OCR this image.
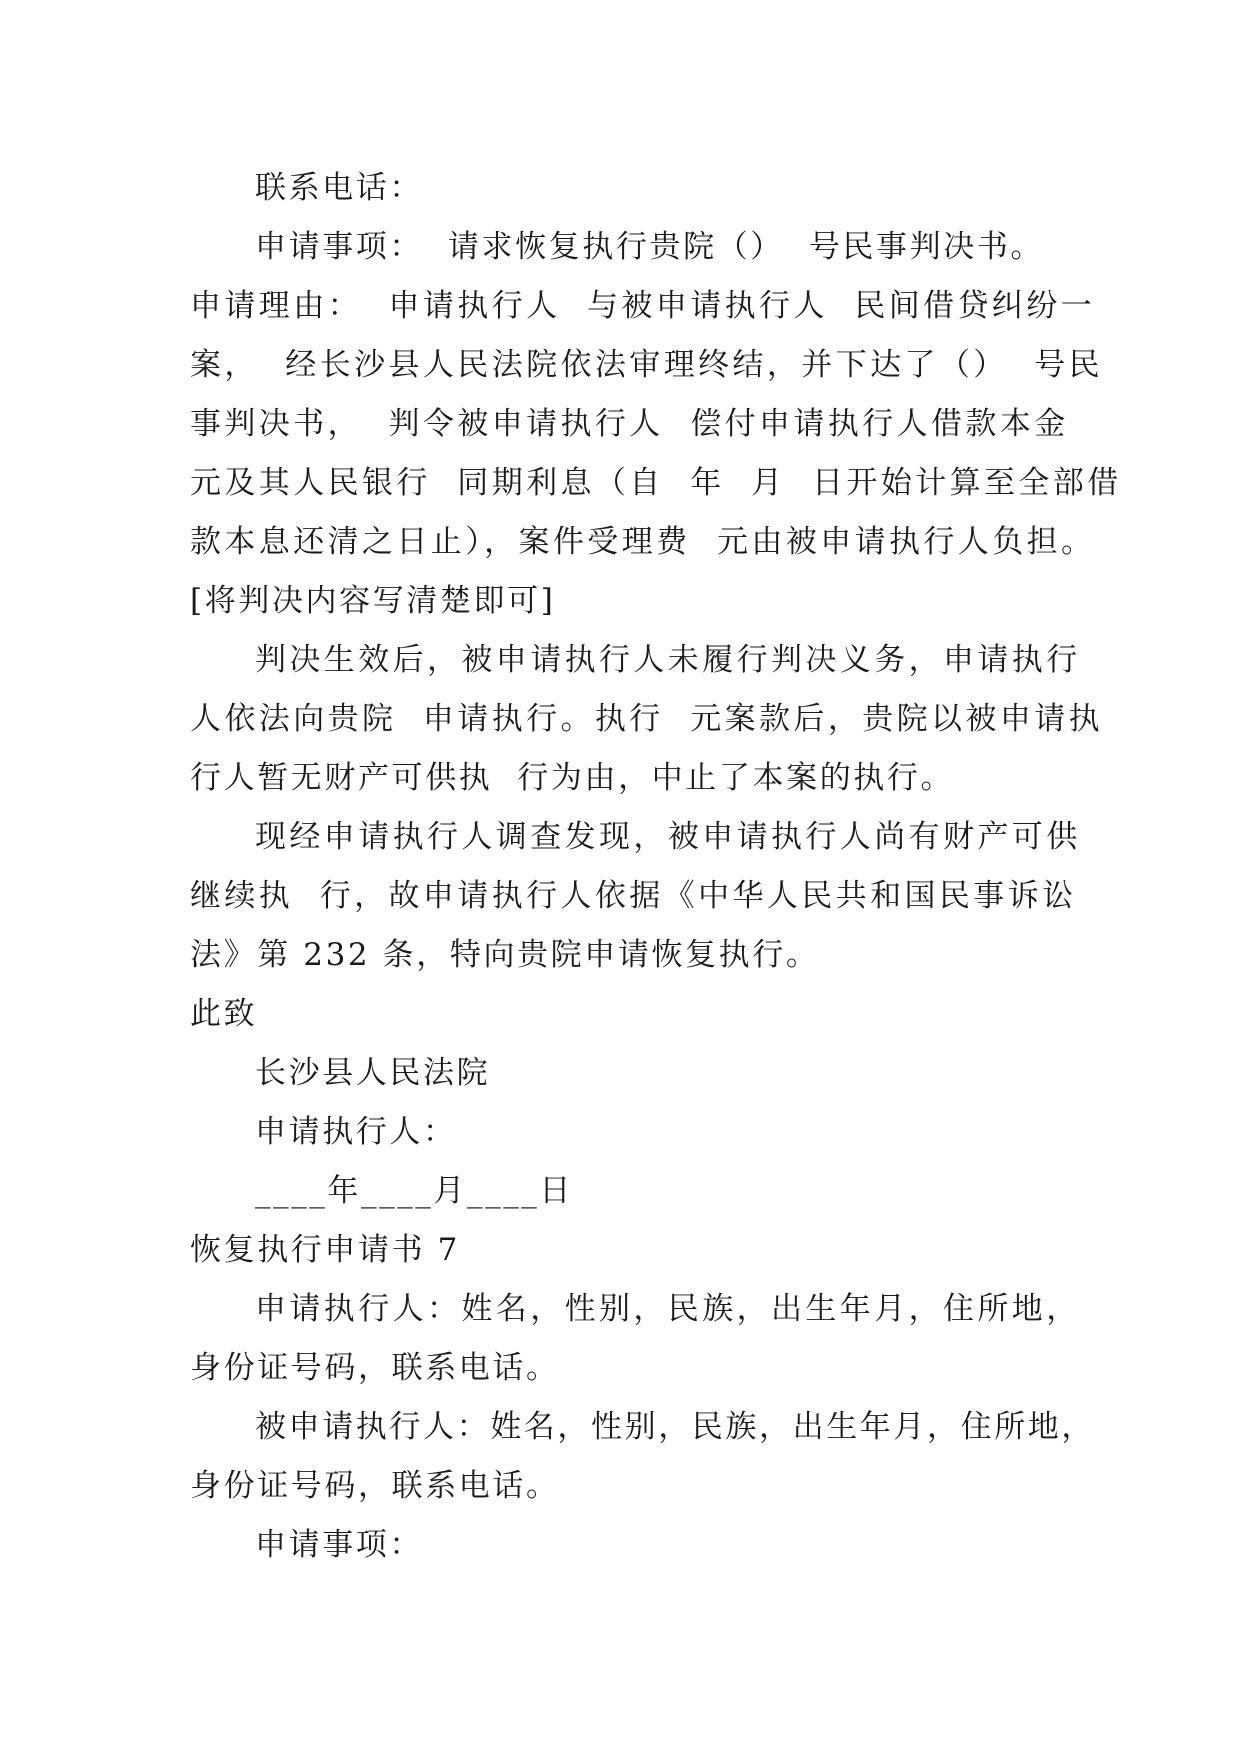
联系电话：
申请事项：  请求恢复执行贵院（）  号民事判决书。
申请理由：  申请执行人  与被申请执行人  民间借贷纠纷一
案，  经长沙县人民法院依法审理终结，并下达了（）  号民
事判决书，  判令被申请执行人  偿付申请执行人借款本金
元及其人民银行  同期利息（自  年  月  日开始计算至全部借
款本息还清之日止），案件受理费  元由被申请执行人负担。
[将判决内容写清楚即可]
判决生效后，被申请执行人未履行判决义务，申请执行
人依法向贵院  申请执行。执行  元案款后，贵院以被申请执
行人暂无财产可供执  行为由，中止了本案的执行。
现经申请执行人调查发现，被申请执行人尚有财产可供
继续执  行，故申请执行人依据《中华人民共和国民事诉讼
法》第 232 条，特向贵院申请恢复执行。
此致
长沙县人民法院
申请执行人：
____年____月____日
恢复执行申请书 7
申请执行人：姓名，性别，民族，出生年月，住所地，
身份证号码，联系电话。
被申请执行人：姓名，性别，民族，出生年月，住所地，
身份证号码，联系电话。
申请事项：
